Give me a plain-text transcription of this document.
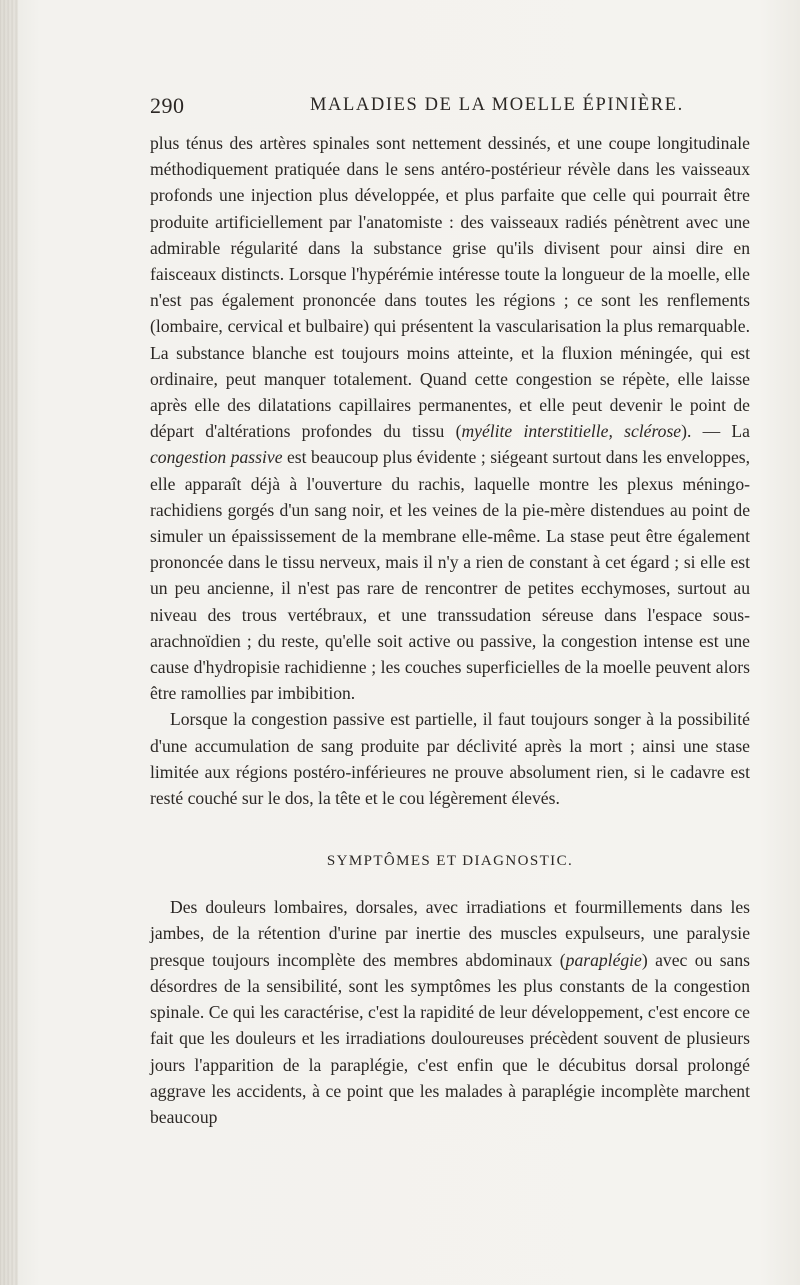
290	MALADIES DE LA MOELLE ÉPINIÈRE.

plus ténus des artères spinales sont nettement dessinés, et une coupe longitudinale méthodiquement pratiquée dans le sens antéro-postérieur révèle dans les vaisseaux profonds une injection plus développée, et plus parfaite que celle qui pourrait être produite artificiellement par l'anatomiste : des vaisseaux radiés pénètrent avec une admirable régularité dans la substance grise qu'ils divisent pour ainsi dire en faisceaux distincts. Lorsque l'hypérémie intéresse toute la longueur de la moelle, elle n'est pas également prononcée dans toutes les régions ; ce sont les renflements (lombaire, cervical et bulbaire) qui présentent la vascularisation la plus remarquable. La substance blanche est toujours moins atteinte, et la fluxion méningée, qui est ordinaire, peut manquer totalement. Quand cette congestion se répète, elle laisse après elle des dilatations capillaires permanentes, et elle peut devenir le point de départ d'altérations profondes du tissu (myélite interstitielle, sclérose). — La congestion passive est beaucoup plus évidente ; siégeant surtout dans les enveloppes, elle apparaît déjà à l'ouverture du rachis, laquelle montre les plexus méningo-rachidiens gorgés d'un sang noir, et les veines de la pie-mère distendues au point de simuler un épaississement de la membrane elle-même. La stase peut être également prononcée dans le tissu nerveux, mais il n'y a rien de constant à cet égard ; si elle est un peu ancienne, il n'est pas rare de rencontrer de petites ecchymoses, surtout au niveau des trous vertébraux, et une transsudation séreuse dans l'espace sous-arachnoïdien ; du reste, qu'elle soit active ou passive, la congestion intense est une cause d'hydropisie rachidienne ; les couches superficielles de la moelle peuvent alors être ramollies par imbibition.

Lorsque la congestion passive est partielle, il faut toujours songer à la possibilité d'une accumulation de sang produite par déclivité après la mort ; ainsi une stase limitée aux régions postéro-inférieures ne prouve absolument rien, si le cadavre est resté couché sur le dos, la tête et le cou légèrement élevés.

SYMPTÔMES ET DIAGNOSTIC.

Des douleurs lombaires, dorsales, avec irradiations et fourmillements dans les jambes, de la rétention d'urine par inertie des muscles expulseurs, une paralysie presque toujours incomplète des membres abdominaux (paraplégie) avec ou sans désordres de la sensibilité, sont les symptômes les plus constants de la congestion spinale. Ce qui les caractérise, c'est la rapidité de leur développement, c'est encore ce fait que les douleurs et les irradiations douloureuses précèdent souvent de plusieurs jours l'apparition de la paraplégie, c'est enfin que le décubitus dorsal prolongé aggrave les accidents, à ce point que les malades à paraplégie incomplète marchent beaucoup
